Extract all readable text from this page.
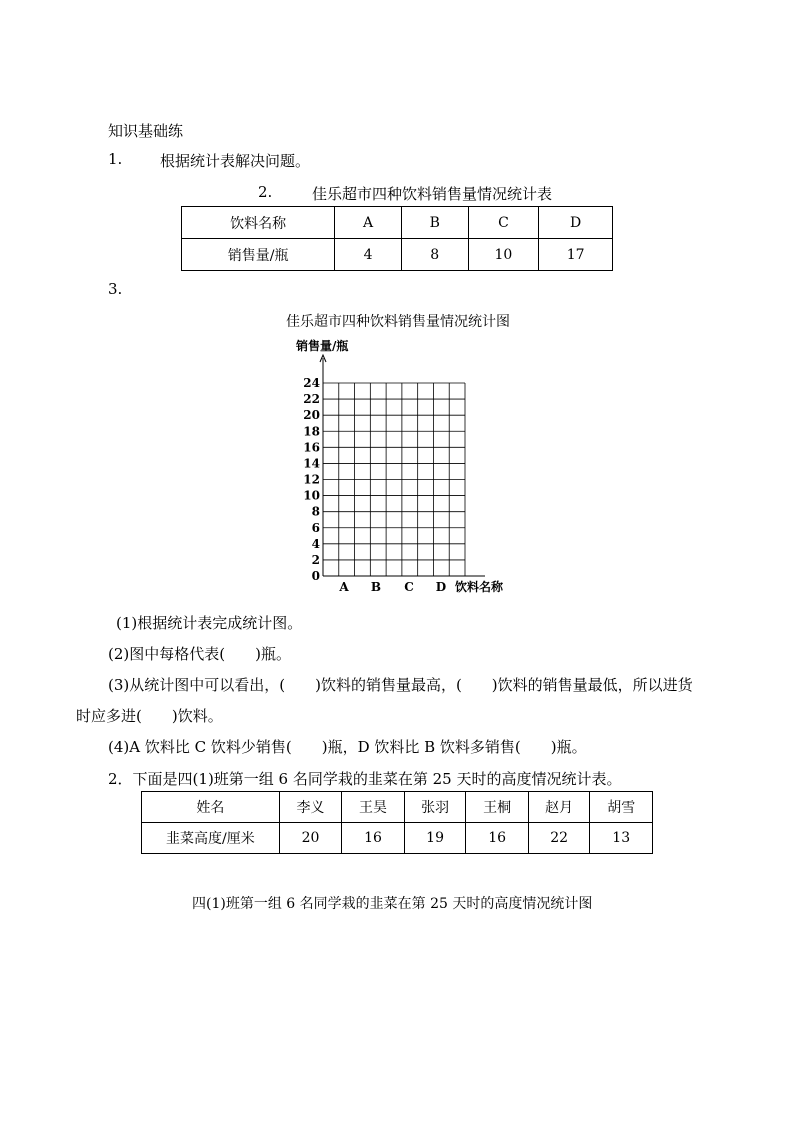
知识基础练
1.	根据统计表解决问题。
2.	佳乐超市四种饮料销售量情况统计表
饮料名称	A	B	C	D
销售量/瓶	4	8	10	17
3.
佳乐超市四种饮料销售量情况统计图
销售量/瓶
0
2
4
6
8
10
12
14
16
18
20
22
24
A B C D 饮料名称
(1)根据统计表完成统计图。
(2)图中每格代表(　　)瓶。
(3)从统计图中可以看出，(　　)饮料的销售量最高，(　　)饮料的销售量最低，所以进货
时应多进(　　)饮料。
(4)A 饮料比 C 饮料少销售(　　)瓶，D 饮料比 B 饮料多销售(　　)瓶。
2．下面是四(1)班第一组 6 名同学栽的韭菜在第 25 天时的高度情况统计表。
姓名	李义	王昊	张羽	王桐	赵月	胡雪
韭菜高度/厘米	20	16	19	16	22	13
四(1)班第一组 6 名同学栽的韭菜在第 25 天时的高度情况统计图
